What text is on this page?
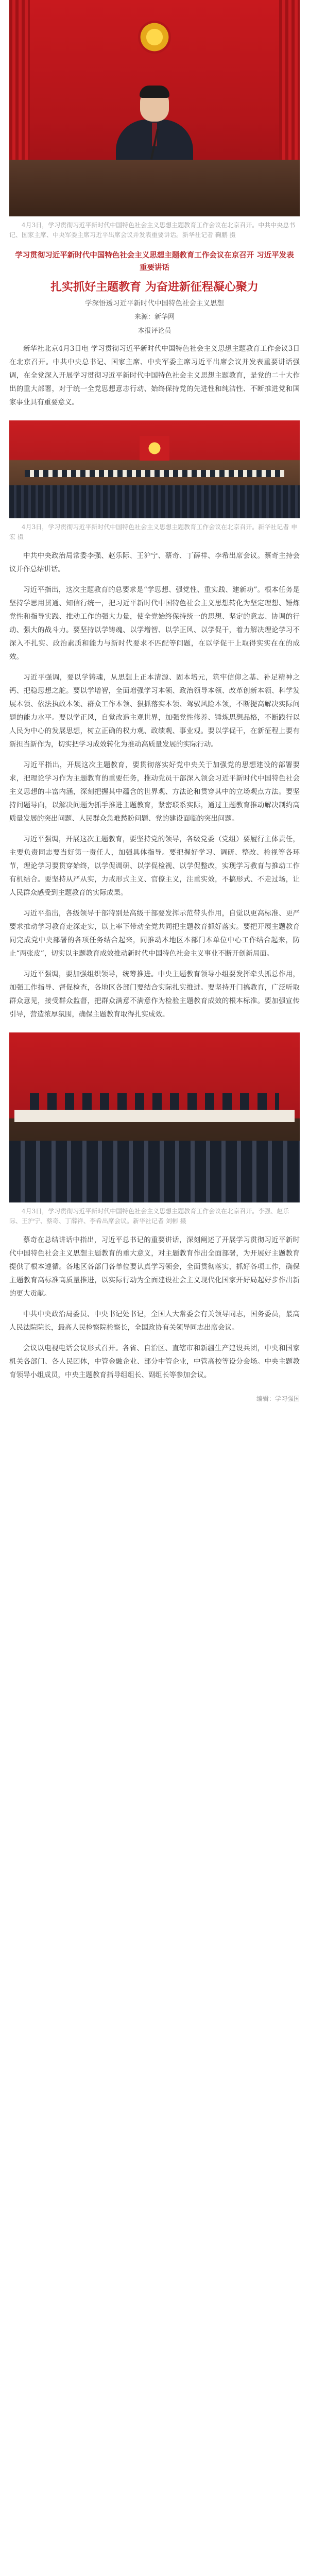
4月3日，学习贯彻习近平新时代中国特色社会主义思想主题教育工作会议在北京召开。中共中央总书记、国家主席、中央军委主席习近平出席会议并发表重要讲话。新华社记者 鞠鹏 摄

学习贯彻习近平新时代中国特色社会主义思想主题教育工作会议在京召开 习近平发表重要讲话
扎实抓好主题教育 为奋进新征程凝心聚力
学深悟透习近平新时代中国特色社会主义思想
来源：新华网
本报评论员

新华社北京4月3日电 学习贯彻习近平新时代中国特色社会主义思想主题教育工作会议3日在北京召开。中共中央总书记、国家主席、中央军委主席习近平出席会议并发表重要讲话强调，在全党深入开展学习贯彻习近平新时代中国特色社会主义思想主题教育，是党的二十大作出的重大部署，对于统一全党思想意志行动、始终保持党的先进性和纯洁性、不断推进党和国家事业具有重要意义。

4月3日，学习贯彻习近平新时代中国特色社会主义思想主题教育工作会议在北京召开。新华社记者 申宏 摄

中共中央政治局常委李强、赵乐际、王沪宁、蔡奇、丁薛祥、李希出席会议。蔡奇主持会议并作总结讲话。

习近平指出，这次主题教育的总要求是“学思想、强党性、重实践、建新功”。根本任务是坚持学思用贯通、知信行统一，把习近平新时代中国特色社会主义思想转化为坚定理想、锤炼党性和指导实践、推动工作的强大力量，使全党始终保持统一的思想、坚定的意志、协调的行动、强大的战斗力。要坚持以学铸魂、以学增智、以学正风、以学促干，着力解决理论学习不深入不扎实、政治素质和能力与新时代要求不匹配等问题，在以学促干上取得实实在在的成效。

习近平强调，要以学铸魂，从思想上正本清源、固本培元，筑牢信仰之基、补足精神之钙、把稳思想之舵。要以学增智，全面增强学习本领、政治领导本领、改革创新本领、科学发展本领、依法执政本领、群众工作本领、狠抓落实本领、驾驭风险本领，不断提高解决实际问题的能力水平。要以学正风，自觉改造主观世界，加强党性修养、锤炼思想品格，不断践行以人民为中心的发展思想，树立正确的权力观、政绩观、事业观。要以学促干，在新征程上要有新担当新作为，切实把学习成效转化为推动高质量发展的实际行动。

习近平指出，开展这次主题教育，要贯彻落实好党中央关于加强党的思想建设的部署要求，把理论学习作为主题教育的重要任务，推动党员干部深入领会习近平新时代中国特色社会主义思想的丰富内涵，深刻把握其中蕴含的世界观、方法论和贯穿其中的立场观点方法。要坚持问题导向，以解决问题为抓手推进主题教育，紧密联系实际，通过主题教育推动解决制约高质量发展的突出问题、人民群众急难愁盼问题、党的建设面临的突出问题。

习近平强调，开展这次主题教育，要坚持党的领导，各级党委（党组）要履行主体责任，主要负责同志要当好第一责任人，加强具体指导。要把握好学习、调研、整改、检视等各环节，理论学习要贯穿始终，以学促调研、以学促检视、以学促整改，实现学习教育与推动工作有机结合。要坚持从严从实，力戒形式主义、官僚主义，注重实效，不搞形式、不走过场，让人民群众感受到主题教育的实际成果。

习近平指出，各级领导干部特别是高级干部要发挥示范带头作用，自觉以更高标准、更严要求推动学习教育走深走实，以上率下带动全党共同把主题教育抓好落实。要把开展主题教育同完成党中央部署的各项任务结合起来，同推动本地区本部门本单位中心工作结合起来，防止“两张皮”，切实以主题教育成效推动新时代中国特色社会主义事业不断开创新局面。

习近平强调，要加强组织领导，统筹推进。中央主题教育领导小组要发挥牵头抓总作用，加强工作指导、督促检查，各地区各部门要结合实际扎实推进。要坚持开门搞教育，广泛听取群众意见，接受群众监督，把群众满意不满意作为检验主题教育成效的根本标准。要加强宣传引导，营造浓厚氛围，确保主题教育取得扎实成效。

4月3日，学习贯彻习近平新时代中国特色社会主义思想主题教育工作会议在北京召开。李强、赵乐际、王沪宁、蔡奇、丁薛祥、李希出席会议。新华社记者 刘彬 摄

蔡奇在总结讲话中指出，习近平总书记的重要讲话，深刻阐述了开展学习贯彻习近平新时代中国特色社会主义思想主题教育的重大意义，对主题教育作出全面部署，为开展好主题教育提供了根本遵循。各地区各部门各单位要认真学习领会，全面贯彻落实，抓好各项工作，确保主题教育高标准高质量推进，以实际行动为全面建设社会主义现代化国家开好局起好步作出新的更大贡献。

中共中央政治局委员、中央书记处书记，全国人大常委会有关领导同志，国务委员，最高人民法院院长，最高人民检察院检察长，全国政协有关领导同志出席会议。

会议以电视电话会议形式召开。各省、自治区、直辖市和新疆生产建设兵团，中央和国家机关各部门、各人民团体，中管金融企业、部分中管企业，中管高校等设分会场。中央主题教育领导小组成员，中央主题教育指导组组长、副组长等参加会议。

编辑：学习强国
